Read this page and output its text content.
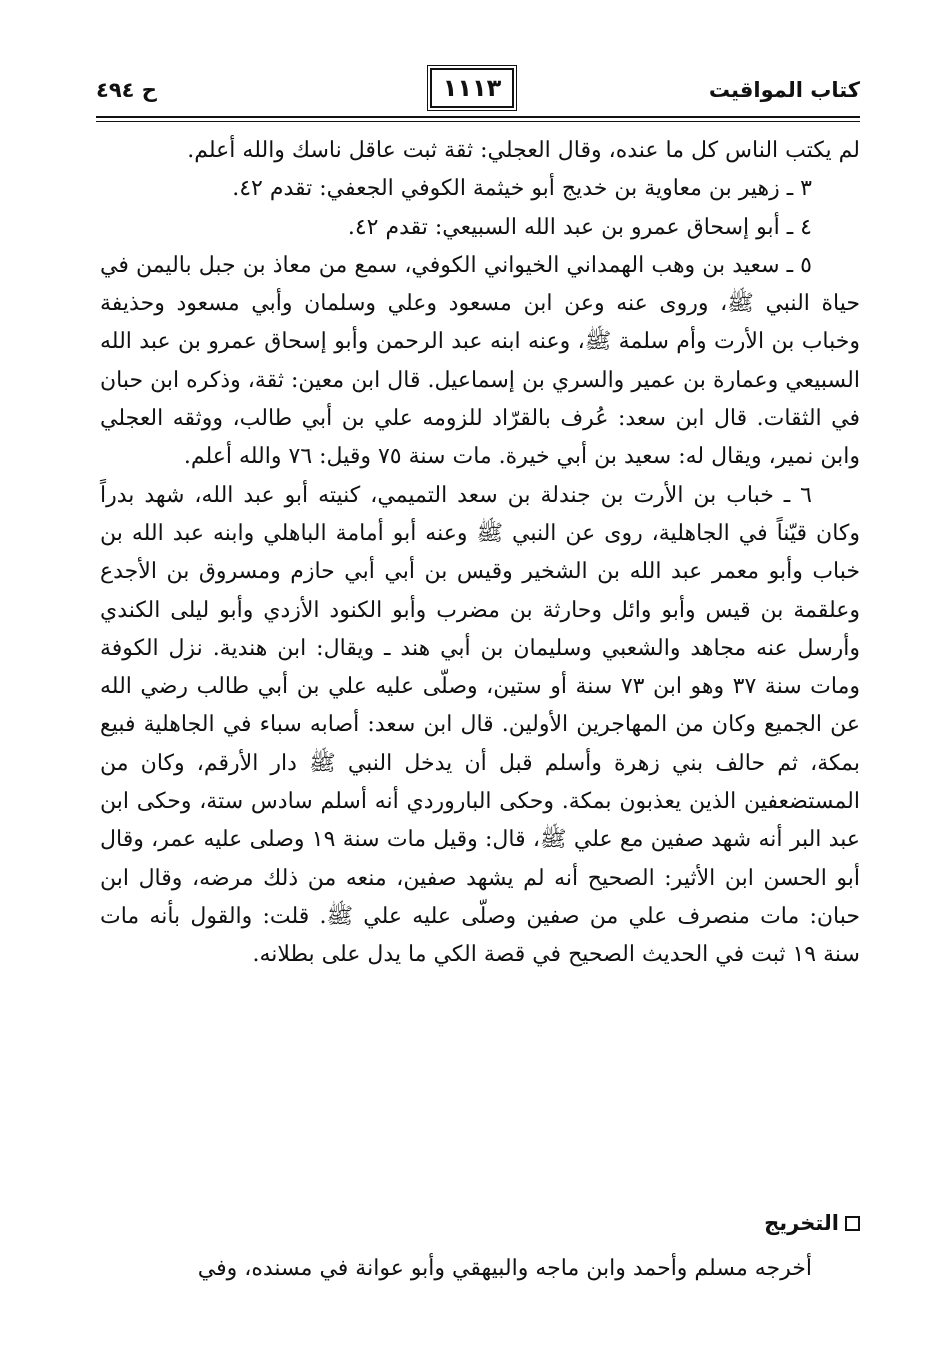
كتاب المواقيت
١١١٣
ح ٤٩٤

لم يكتب الناس كل ما عنده، وقال العجلي: ثقة ثبت عاقل ناسك والله أعلم.

٣ ـ زهير بن معاوية بن خديج أبو خيثمة الكوفي الجعفي: تقدم ٤٢.

٤ ـ أبو إسحاق عمرو بن عبد الله السبيعي: تقدم ٤٢.

٥ ـ سعيد بن وهب الهمداني الخيواني الكوفي، سمع من معاذ بن جبل باليمن في حياة النبي ﷺ، وروى عنه وعن ابن مسعود وعلي وسلمان وأبي مسعود وحذيفة وخباب بن الأرت وأم سلمة ﷺ، وعنه ابنه عبد الرحمن وأبو إسحاق عمرو بن عبد الله السبيعي وعمارة بن عمير والسري بن إسماعيل. قال ابن معين: ثقة، وذكره ابن حبان في الثقات. قال ابن سعد: عُرف بالقرّاد للزومه علي بن أبي طالب، ووثقه العجلي وابن نمير، ويقال له: سعيد بن أبي خيرة. مات سنة ٧٥ وقيل: ٧٦ والله أعلم.

٦ ـ خباب بن الأرت بن جندلة بن سعد التميمي، كنيته أبو عبد الله، شهد بدراً وكان قيّناً في الجاهلية، روى عن النبي ﷺ وعنه أبو أمامة الباهلي وابنه عبد الله بن خباب وأبو معمر عبد الله بن الشخير وقيس بن أبي أبي حازم ومسروق بن الأجدع وعلقمة بن قيس وأبو وائل وحارثة بن مضرب وأبو الكنود الأزدي وأبو ليلى الكندي وأرسل عنه مجاهد والشعبي وسليمان بن أبي هند ـ ويقال: ابن هندية. نزل الكوفة ومات سنة ٣٧ وهو ابن ٧٣ سنة أو ستين، وصلّى عليه علي بن أبي طالب رضي الله عن الجميع وكان من المهاجرين الأولين. قال ابن سعد: أصابه سباء في الجاهلية فبيع بمكة، ثم حالف بني زهرة وأسلم قبل أن يدخل النبي ﷺ دار الأرقم، وكان من المستضعفين الذين يعذبون بمكة. وحكى الباروردي أنه أسلم سادس ستة، وحكى ابن عبد البر أنه شهد صفين مع علي ﷺ، قال: وقيل مات سنة ١٩ وصلى عليه عمر، وقال أبو الحسن ابن الأثير: الصحيح أنه لم يشهد صفين، منعه من ذلك مرضه، وقال ابن حبان: مات منصرف علي من صفين وصلّى عليه علي ﷺ. قلت: والقول بأنه مات سنة ١٩ ثبت في الحديث الصحيح في قصة الكي ما يدل على بطلانه.

التخريج

أخرجه مسلم وأحمد وابن ماجه والبيهقي وأبو عوانة في مسنده، وفي
